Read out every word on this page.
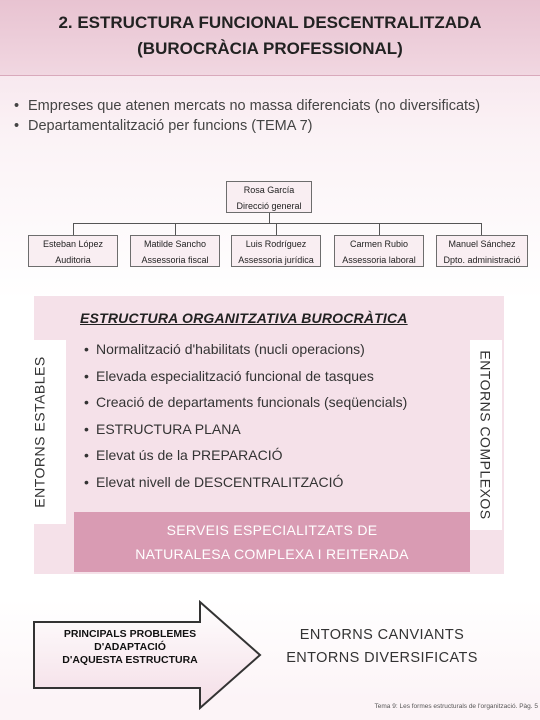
2. ESTRUCTURA FUNCIONAL DESCENTRALITZADA
(BUROCRÀCIA PROFESSIONAL)
• Empreses que atenen mercats no massa diferenciats (no diversificats)
• Departamentalització per funcions (TEMA 7)
Rosa García
Direcció general
Esteban López
Auditoria
Matilde Sancho
Assessoria fiscal
Luis Rodríguez
Assessoria jurídica
Carmen Rubio
Assessoria laboral
Manuel Sánchez
Dpto. administració
ESTRUCTURA ORGANITZATIVA BUROCRÀTICA
ENTORNS ESTABLES	ENTORNS COMPLEXOS
• Normalització d'habilitats (nucli operacions)
• Elevada especialització funcional de tasques
• Creació de departaments funcionals (seqüencials)
• ESTRUCTURA PLANA
• Elevat ús de la PREPARACIÓ
• Elevat nivell de DESCENTRALITZACIÓ
SERVEIS ESPECIALITZATS DE
NATURALESA COMPLEXA I REITERADA
PRINCIPALS PROBLEMES
D'ADAPTACIÓ
D'AQUESTA ESTRUCTURA
ENTORNS CANVIANTS
ENTORNS DIVERSIFICATS
Tema 9: Les formes estructurals de l'organització. Pàg. 5
